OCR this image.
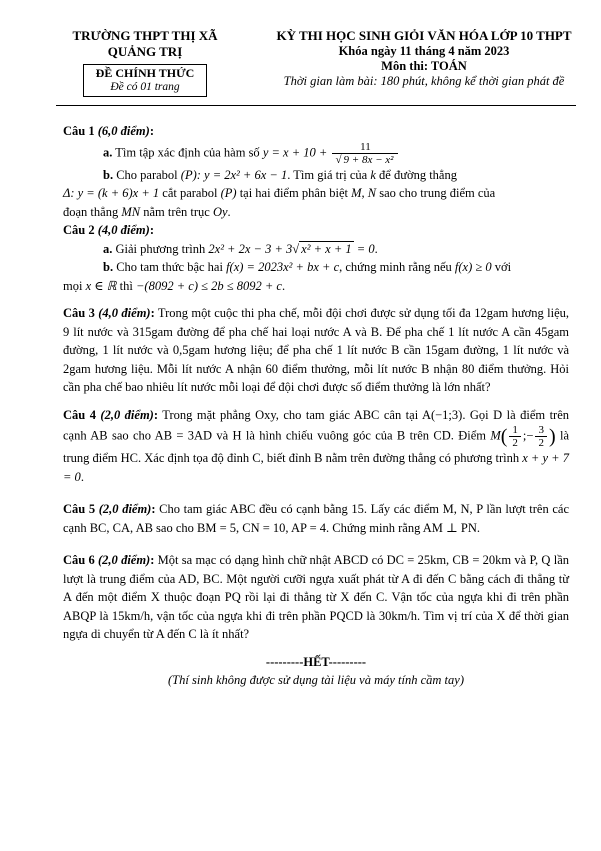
TRƯỜNG THPT THỊ XÃ
QUẢNG TRỊ
ĐỀ CHÍNH THỨC
Đề có 01 trang
KỲ THI HỌC SINH GIỎI VĂN HÓA LỚP 10 THPT
Khóa ngày 11 tháng 4 năm 2023
Môn thi: TOÁN
Thời gian làm bài: 180 phút, không kể thời gian phát đề
Câu 1 (6,0 điểm):
a. Tìm tập xác định của hàm số $y = x + 10 + \frac{11}{\text{√ 9 + 8x − x²}}$
b. Cho parabol (P): y = 2x² + 6x − 1. Tìm giá trị của k để đường thẳng
Δ: y = (k + 6)x + 1 cắt parabol (P) tại hai điểm phân biệt M, N sao cho trung điểm của
đoạn thẳng MN nằm trên trục Oy.
Câu 2 (4,0 điểm):
a. Giải phương trình 2x² + 2x − 3 + 3√ x² + x + 1 = 0.
b. Cho tam thức bậc hai f(x) = 2023x² + bx + c, chứng minh rằng nếu f(x) ≥ 0 với
mọi x ∈ ℝ thì −(8092 + c) ≤ 2b ≤ 8092 + c.
Câu 3 (4,0 điểm): Trong một cuộc thi pha chế, mỗi đội chơi được sử dụng tối đa 12gam hương liệu, 9 lít nước và 315gam đường để pha chế hai loại nước A và B. Để pha chế 1 lít nước A cần 45gam đường, 1 lít nước và 0,5gam hương liệu; để pha chế 1 lít nước B cần 15gam đường, 1 lít nước và 2gam hương liệu. Mỗi lít nước A nhận 60 điểm thưởng, mỗi lít nước B nhận 80 điểm thưởng. Hỏi cần pha chế bao nhiêu lít nước mỗi loại để đội chơi được số điểm thưởng là lớn nhất?
Câu 4 (2,0 điểm): Trong mặt phẳng Oxy, cho tam giác ABC cân tại A(−1;3). Gọi D là điểm trên cạnh AB sao cho AB = 3AD và H là hình chiếu vuông góc của B trên CD. Điểm $M( \frac{1}{2}$ ;− $\frac{3}{2}$ ) là trung điểm HC. Xác định tọa độ đỉnh C, biết đỉnh B nằm trên đường thẳng có phương trình x + y + 7 = 0.
Câu 5 (2,0 điểm): Cho tam giác ABC đều có cạnh bằng 15. Lấy các điểm M, N, P lần lượt trên các cạnh BC, CA, AB sao cho BM = 5, CN = 10, AP = 4. Chứng minh rằng AM ⊥ PN.
Câu 6 (2,0 điểm): Một sa mạc có dạng hình chữ nhật ABCD có DC = 25km, CB = 20km và P, Q lần lượt là trung điểm của AD, BC. Một người cưỡi ngựa xuất phát từ A đi đến C bằng cách đi thẳng từ A đến một điểm X thuộc đoạn PQ rồi lại đi thẳng từ X đến C. Vận tốc của ngựa khi đi trên phần ABQP là 15km/h, vận tốc của ngựa khi đi trên phần PQCD là 30km/h. Tìm vị trí của X để thời gian ngựa di chuyển từ A đến C là ít nhất?
---------HẾT---------
(Thí sinh không được sử dụng tài liệu và máy tính cầm tay)
